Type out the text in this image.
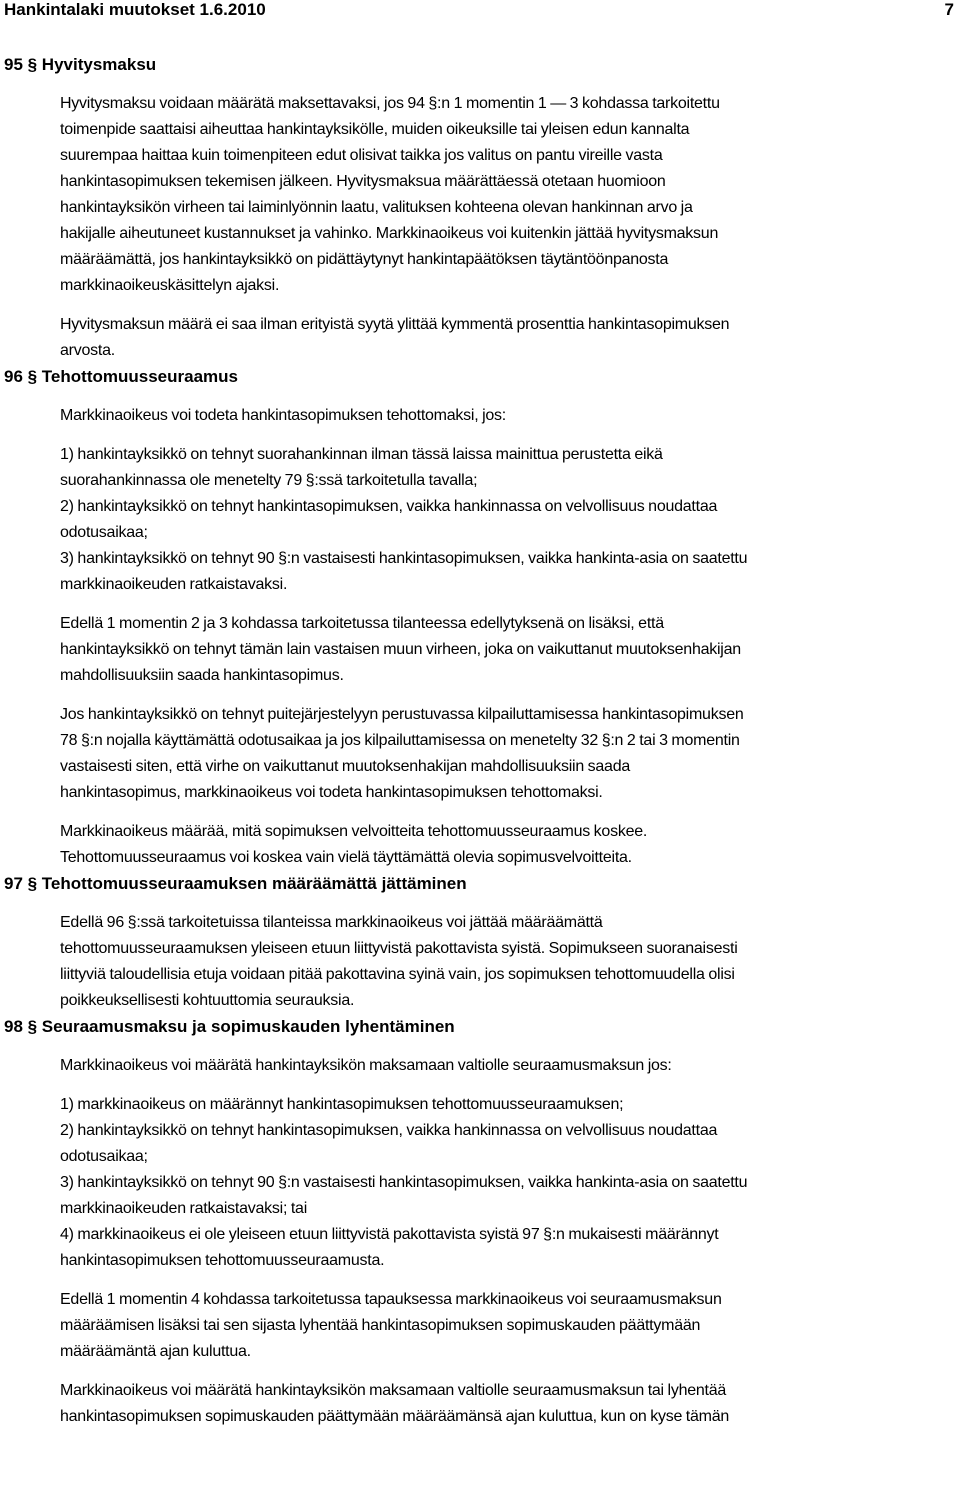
Hankintalaki muutokset 1.6.2010	7
95 § Hyvitysmaksu
Hyvitysmaksu voidaan määrätä maksettavaksi, jos 94 §:n 1 momentin 1 — 3 kohdassa tarkoitettu
toimenpide saattaisi aiheuttaa hankintayksikölle, muiden oikeuksille tai yleisen edun kannalta
suurempaa haittaa kuin toimenpiteen edut olisivat taikka jos valitus on pantu vireille vasta
hankintasopimuksen tekemisen jälkeen. Hyvitysmaksua määrättäessä otetaan huomioon
hankintayksikön virheen tai laiminlyönnin laatu, valituksen kohteena olevan hankinnan arvo ja
hakijalle aiheutuneet kustannukset ja vahinko. Markkinaoikeus voi kuitenkin jättää hyvitysmaksun
määräämättä, jos hankintayksikkö on pidättäytynyt hankintapäätöksen täytäntöönpanosta
markkinaoikeuskäsittelyn ajaksi.
Hyvitysmaksun määrä ei saa ilman erityistä syytä ylittää kymmentä prosenttia hankintasopimuksen
arvosta.
96 § Tehottomuusseuraamus
Markkinaoikeus voi todeta hankintasopimuksen tehottomaksi, jos:
1) hankintayksikkö on tehnyt suorahankinnan ilman tässä laissa mainittua perustetta eikä
suorahankinnassa ole menetelty 79 §:ssä tarkoitetulla tavalla;
2) hankintayksikkö on tehnyt hankintasopimuksen, vaikka hankinnassa on velvollisuus noudattaa
odotusaikaa;
3) hankintayksikkö on tehnyt 90 §:n vastaisesti hankintasopimuksen, vaikka hankinta-asia on saatettu
markkinaoikeuden ratkaistavaksi.
Edellä 1 momentin 2 ja 3 kohdassa tarkoitetussa tilanteessa edellytyksenä on lisäksi, että
hankintayksikkö on tehnyt tämän lain vastaisen muun virheen, joka on vaikuttanut muutoksenhakijan
mahdollisuuksiin saada hankintasopimus.
Jos hankintayksikkö on tehnyt puitejärjestelyyn perustuvassa kilpailuttamisessa hankintasopimuksen
78 §:n nojalla käyttämättä odotusaikaa ja jos kilpailuttamisessa on menetelty 32 §:n 2 tai 3 momentin
vastaisesti siten, että virhe on vaikuttanut muutoksenhakijan mahdollisuuksiin saada
hankintasopimus, markkinaoikeus voi todeta hankintasopimuksen tehottomaksi.
Markkinaoikeus määrää, mitä sopimuksen velvoitteita tehottomuusseuraamus koskee.
Tehottomuusseuraamus voi koskea vain vielä täyttämättä olevia sopimusvelvoitteita.
97 § Tehottomuusseuraamuksen määräämättä jättäminen
Edellä 96 §:ssä tarkoitetuissa tilanteissa markkinaoikeus voi jättää määräämättä
tehottomuusseuraamuksen yleiseen etuun liittyvistä pakottavista syistä. Sopimukseen suoranaisesti
liittyviä taloudellisia etuja voidaan pitää pakottavina syinä vain, jos sopimuksen tehottomuudella olisi
poikkeuksellisesti kohtuuttomia seurauksia.
98 § Seuraamusmaksu ja sopimuskauden lyhentäminen
Markkinaoikeus voi määrätä hankintayksikön maksamaan valtiolle seuraamusmaksun jos:
1) markkinaoikeus on määrännyt hankintasopimuksen tehottomuusseuraamuksen;
2) hankintayksikkö on tehnyt hankintasopimuksen, vaikka hankinnassa on velvollisuus noudattaa
odotusaikaa;
3) hankintayksikkö on tehnyt 90 §:n vastaisesti hankintasopimuksen, vaikka hankinta-asia on saatettu
markkinaoikeuden ratkaistavaksi; tai
4) markkinaoikeus ei ole yleiseen etuun liittyvistä pakottavista syistä 97 §:n mukaisesti määrännyt
hankintasopimuksen tehottomuusseuraamusta.
Edellä 1 momentin 4 kohdassa tarkoitetussa tapauksessa markkinaoikeus voi seuraamusmaksun
määräämisen lisäksi tai sen sijasta lyhentää hankintasopimuksen sopimuskauden päättymään
määräämäntä ajan kuluttua.
Markkinaoikeus voi määrätä hankintayksikön maksamaan valtiolle seuraamusmaksun tai lyhentää
hankintasopimuksen sopimuskauden päättymään määräämänsä ajan kuluttua, kun on kyse tämän
